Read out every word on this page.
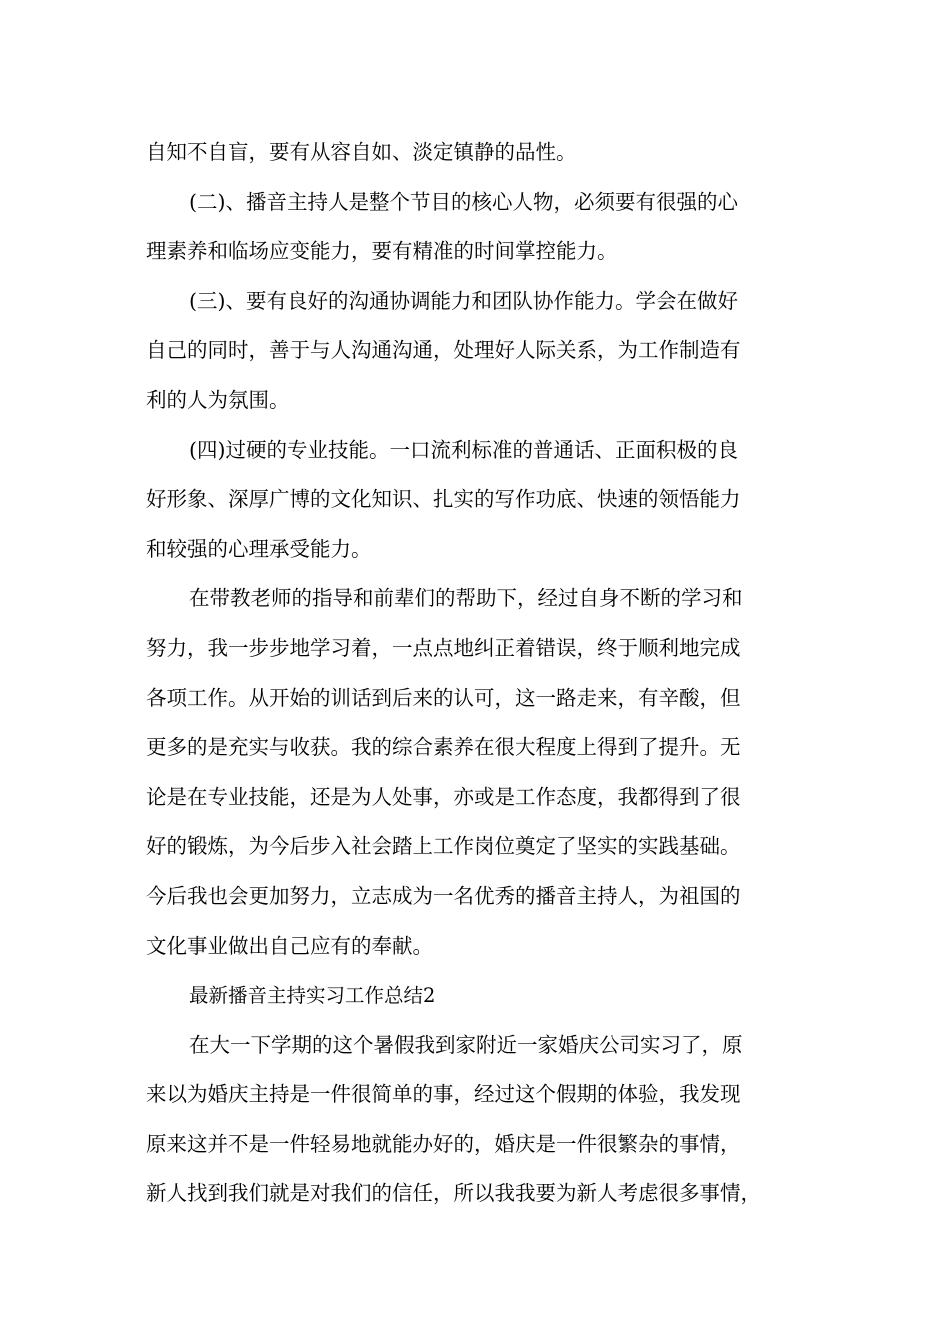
自知不自盲，要有从容自如、淡定镇静的品性。

(二)、播音主持人是整个节目的核心人物，必须要有很强的心
理素养和临场应变能力，要有精准的时间掌控能力。

(三)、要有良好的沟通协调能力和团队协作能力。学会在做好
自己的同时，善于与人沟通沟通，处理好人际关系，为工作制造有
利的人为氛围。

(四)过硬的专业技能。一口流利标准的普通话、正面积极的良
好形象、深厚广博的文化知识、扎实的写作功底、快速的领悟能力
和较强的心理承受能力。

在带教老师的指导和前辈们的帮助下，经过自身不断的学习和
努力，我一步步地学习着，一点点地纠正着错误，终于顺利地完成
各项工作。从开始的训话到后来的认可，这一路走来，有辛酸，但
更多的是充实与收获。我的综合素养在很大程度上得到了提升。无
论是在专业技能，还是为人处事，亦或是工作态度，我都得到了很
好的锻炼，为今后步入社会踏上工作岗位奠定了坚实的实践基础。
今后我也会更加努力，立志成为一名优秀的播音主持人，为祖国的
文化事业做出自己应有的奉献。

最新播音主持实习工作总结2

在大一下学期的这个暑假我到家附近一家婚庆公司实习了，原
来以为婚庆主持是一件很简单的事，经过这个假期的体验，我发现
原来这并不是一件轻易地就能办好的，婚庆是一件很繁杂的事情，
新人找到我们就是对我们的信任，所以我我要为新人考虑很多事情，
